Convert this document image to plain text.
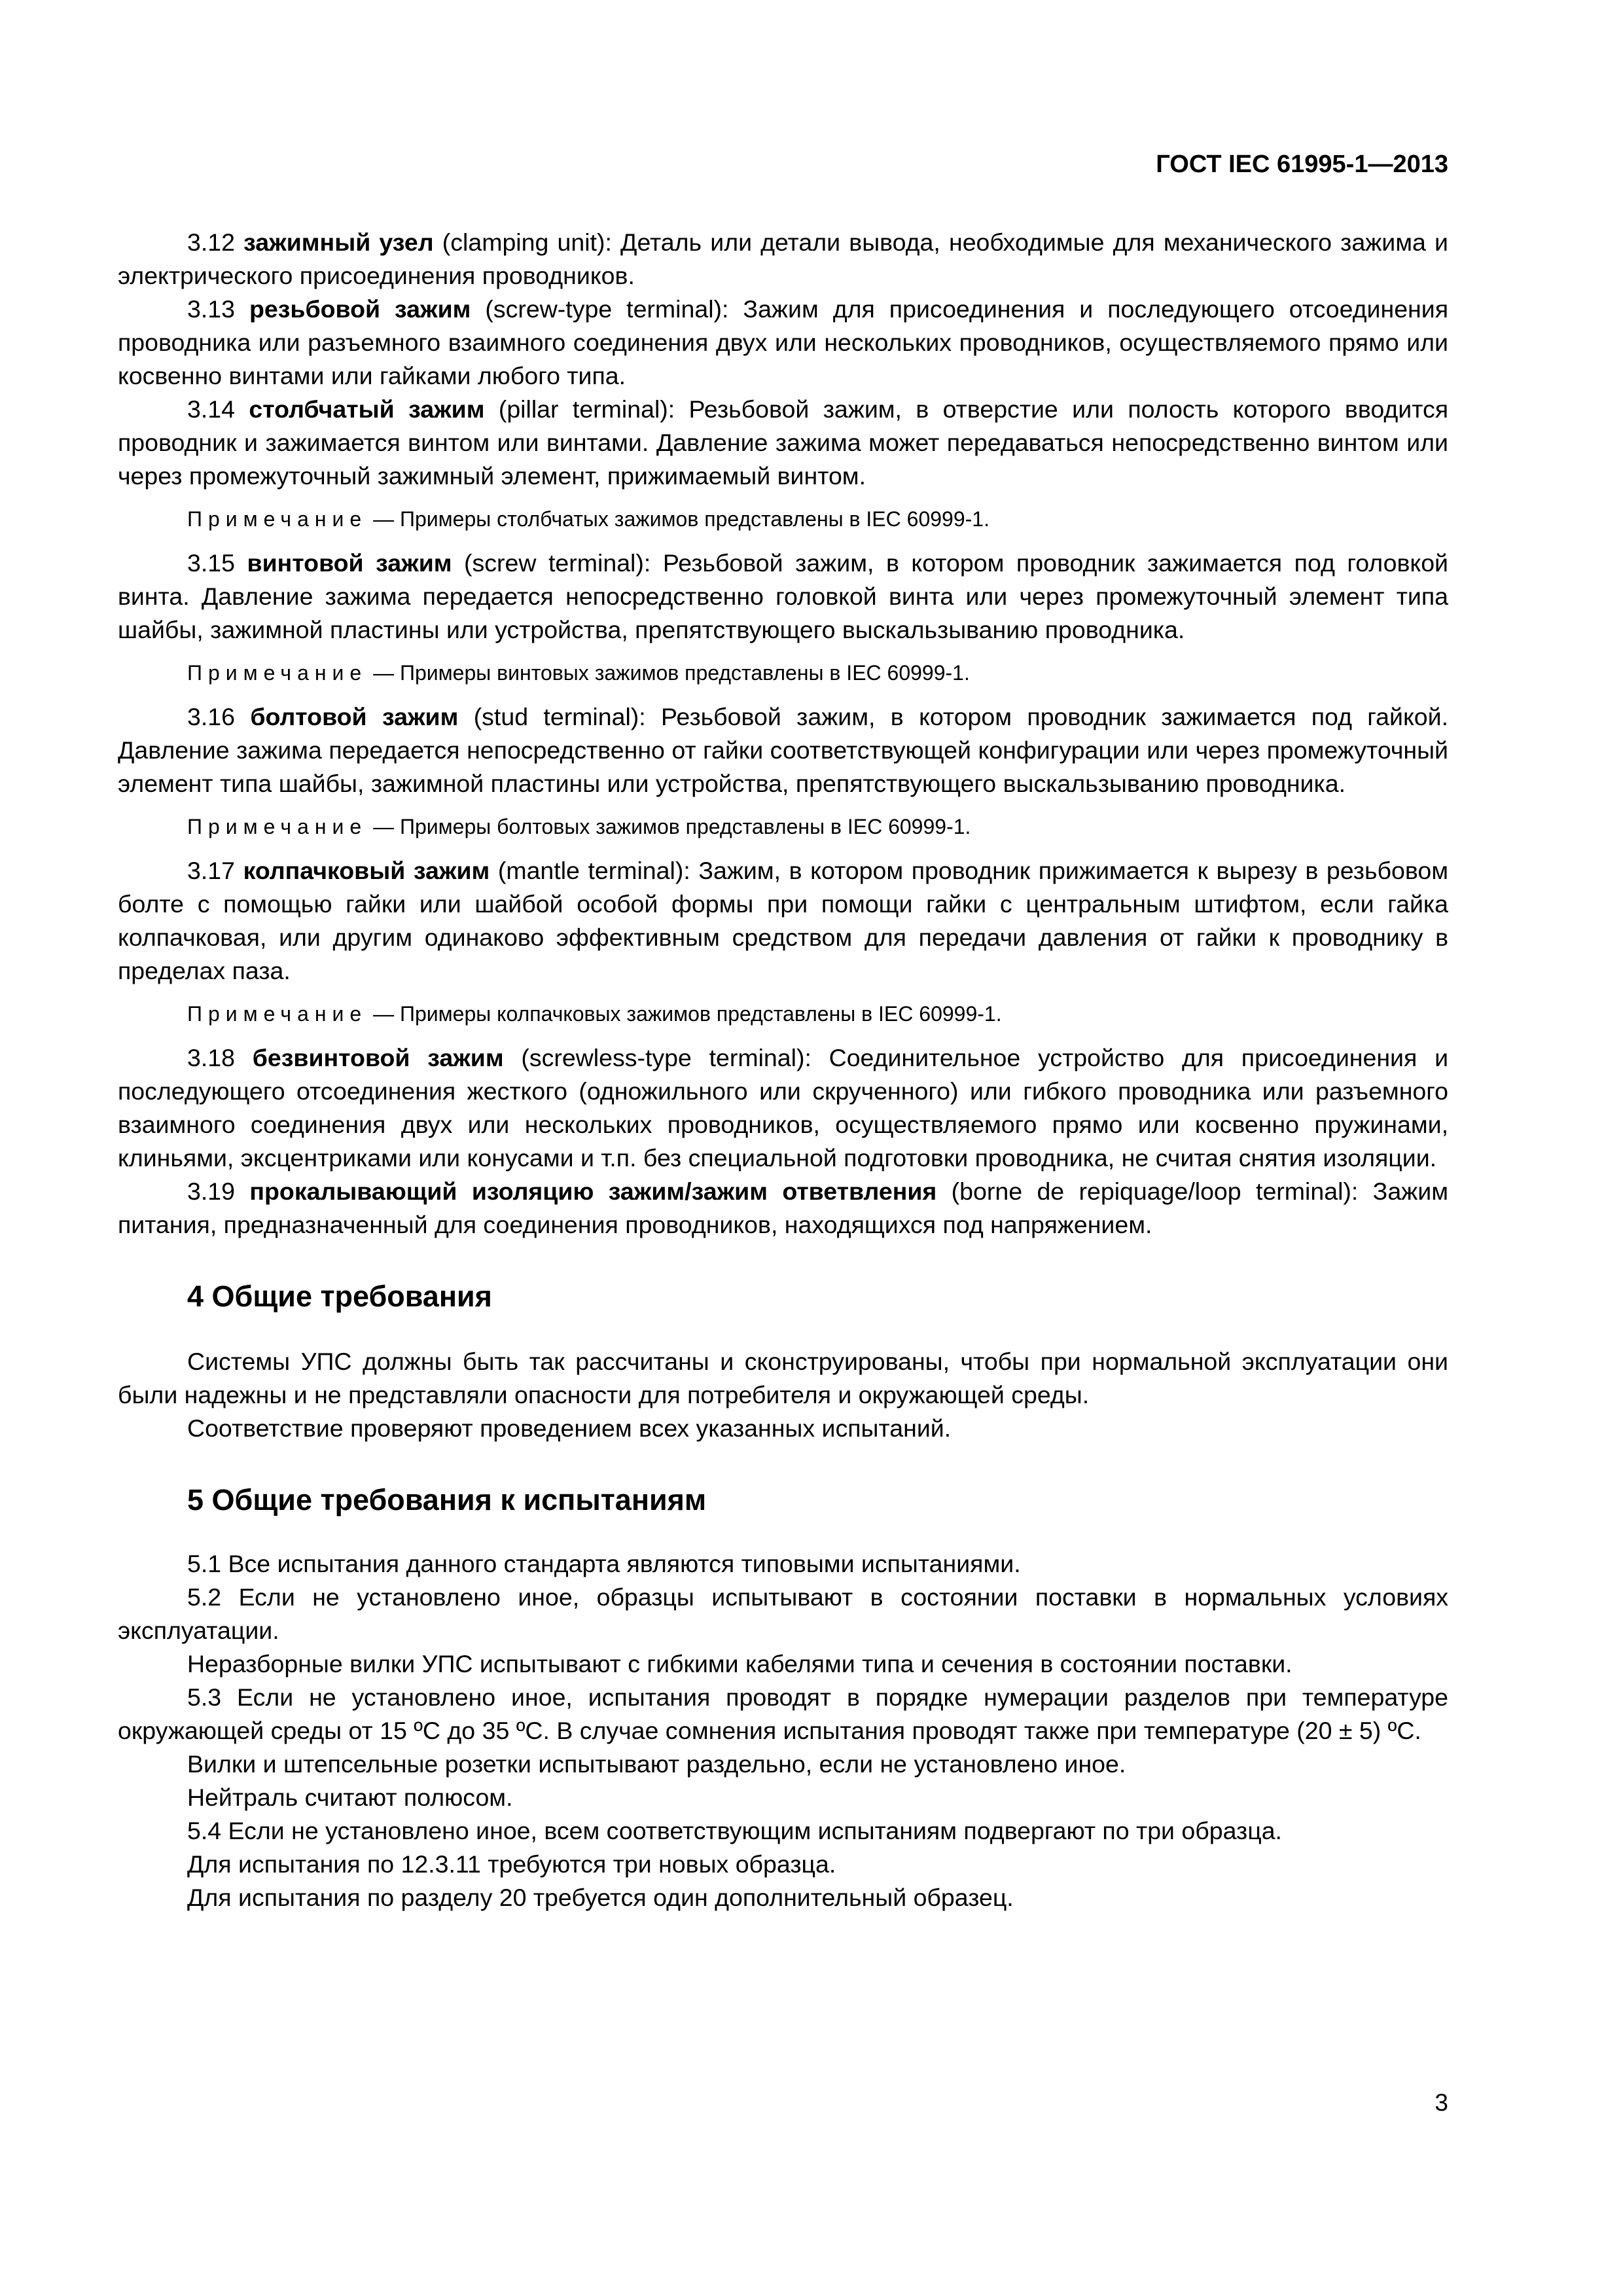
ГОСТ IEC 61995-1—2013

3.12 зажимный узел (clamping unit): Деталь или детали вывода, необходимые для механического зажима и электрического присоединения проводников.

3.13 резьбовой зажим (screw-type terminal): Зажим для присоединения и последующего отсоединения проводника или разъемного взаимного соединения двух или нескольких проводников, осуществляемого прямо или косвенно винтами или гайками любого типа.

3.14 столбчатый зажим (pillar terminal): Резьбовой зажим, в отверстие или полость которого вводится проводник и зажимается винтом или винтами. Давление зажима может передаваться непосредственно винтом или через промежуточный зажимный элемент, прижимаемый винтом.

Примечание — Примеры столбчатых зажимов представлены в IEC 60999-1.

3.15 винтовой зажим (screw terminal): Резьбовой зажим, в котором проводник зажимается под головкой винта. Давление зажима передается непосредственно головкой винта или через промежуточный элемент типа шайбы, зажимной пластины или устройства, препятствующего выскальзыванию проводника.

Примечание — Примеры винтовых зажимов представлены в IEC 60999-1.

3.16 болтовой зажим (stud terminal): Резьбовой зажим, в котором проводник зажимается под гайкой. Давление зажима передается непосредственно от гайки соответствующей конфигурации или через промежуточный элемент типа шайбы, зажимной пластины или устройства, препятствующего выскальзыванию проводника.

Примечание — Примеры болтовых зажимов представлены в IEC 60999-1.

3.17 колпачковый зажим (mantle terminal): Зажим, в котором проводник прижимается к вырезу в резьбовом болте с помощью гайки или шайбой особой формы при помощи гайки с центральным штифтом, если гайка колпачковая, или другим одинаково эффективным средством для передачи давления от гайки к проводнику в пределах паза.

Примечание — Примеры колпачковых зажимов представлены в IEC 60999-1.

3.18 безвинтовой зажим (screwless-type terminal): Соединительное устройство для присоединения и последующего отсоединения жесткого (одножильного или скрученного) или гибкого проводника или разъемного взаимного соединения двух или нескольких проводников, осуществляемого прямо или косвенно пружинами, клиньями, эксцентриками или конусами и т.п. без специальной подготовки проводника, не считая снятия изоляции.

3.19 прокалывающий изоляцию зажим/зажим ответвления (borne de repiquage/loop terminal): Зажим питания, предназначенный для соединения проводников, находящихся под напряжением.

4 Общие требования

Системы УПС должны быть так рассчитаны и сконструированы, чтобы при нормальной эксплуатации они были надежны и не представляли опасности для потребителя и окружающей среды.

Соответствие проверяют проведением всех указанных испытаний.

5 Общие требования к испытаниям

5.1 Все испытания данного стандарта являются типовыми испытаниями.

5.2 Если не установлено иное, образцы испытывают в состоянии поставки в нормальных условиях эксплуатации.

Неразборные вилки УПС испытывают с гибкими кабелями типа и сечения в состоянии поставки.

5.3 Если не установлено иное, испытания проводят в порядке нумерации разделов при температуре окружающей среды от 15 ºС до 35 ºС. В случае сомнения испытания проводят также при температуре (20 ± 5) ºС.

Вилки и штепсельные розетки испытывают раздельно, если не установлено иное.

Нейтраль считают полюсом.

5.4 Если не установлено иное, всем соответствующим испытаниям подвергают по три образца.

Для испытания по 12.3.11 требуются три новых образца.

Для испытания по разделу 20 требуется один дополнительный образец.

3
